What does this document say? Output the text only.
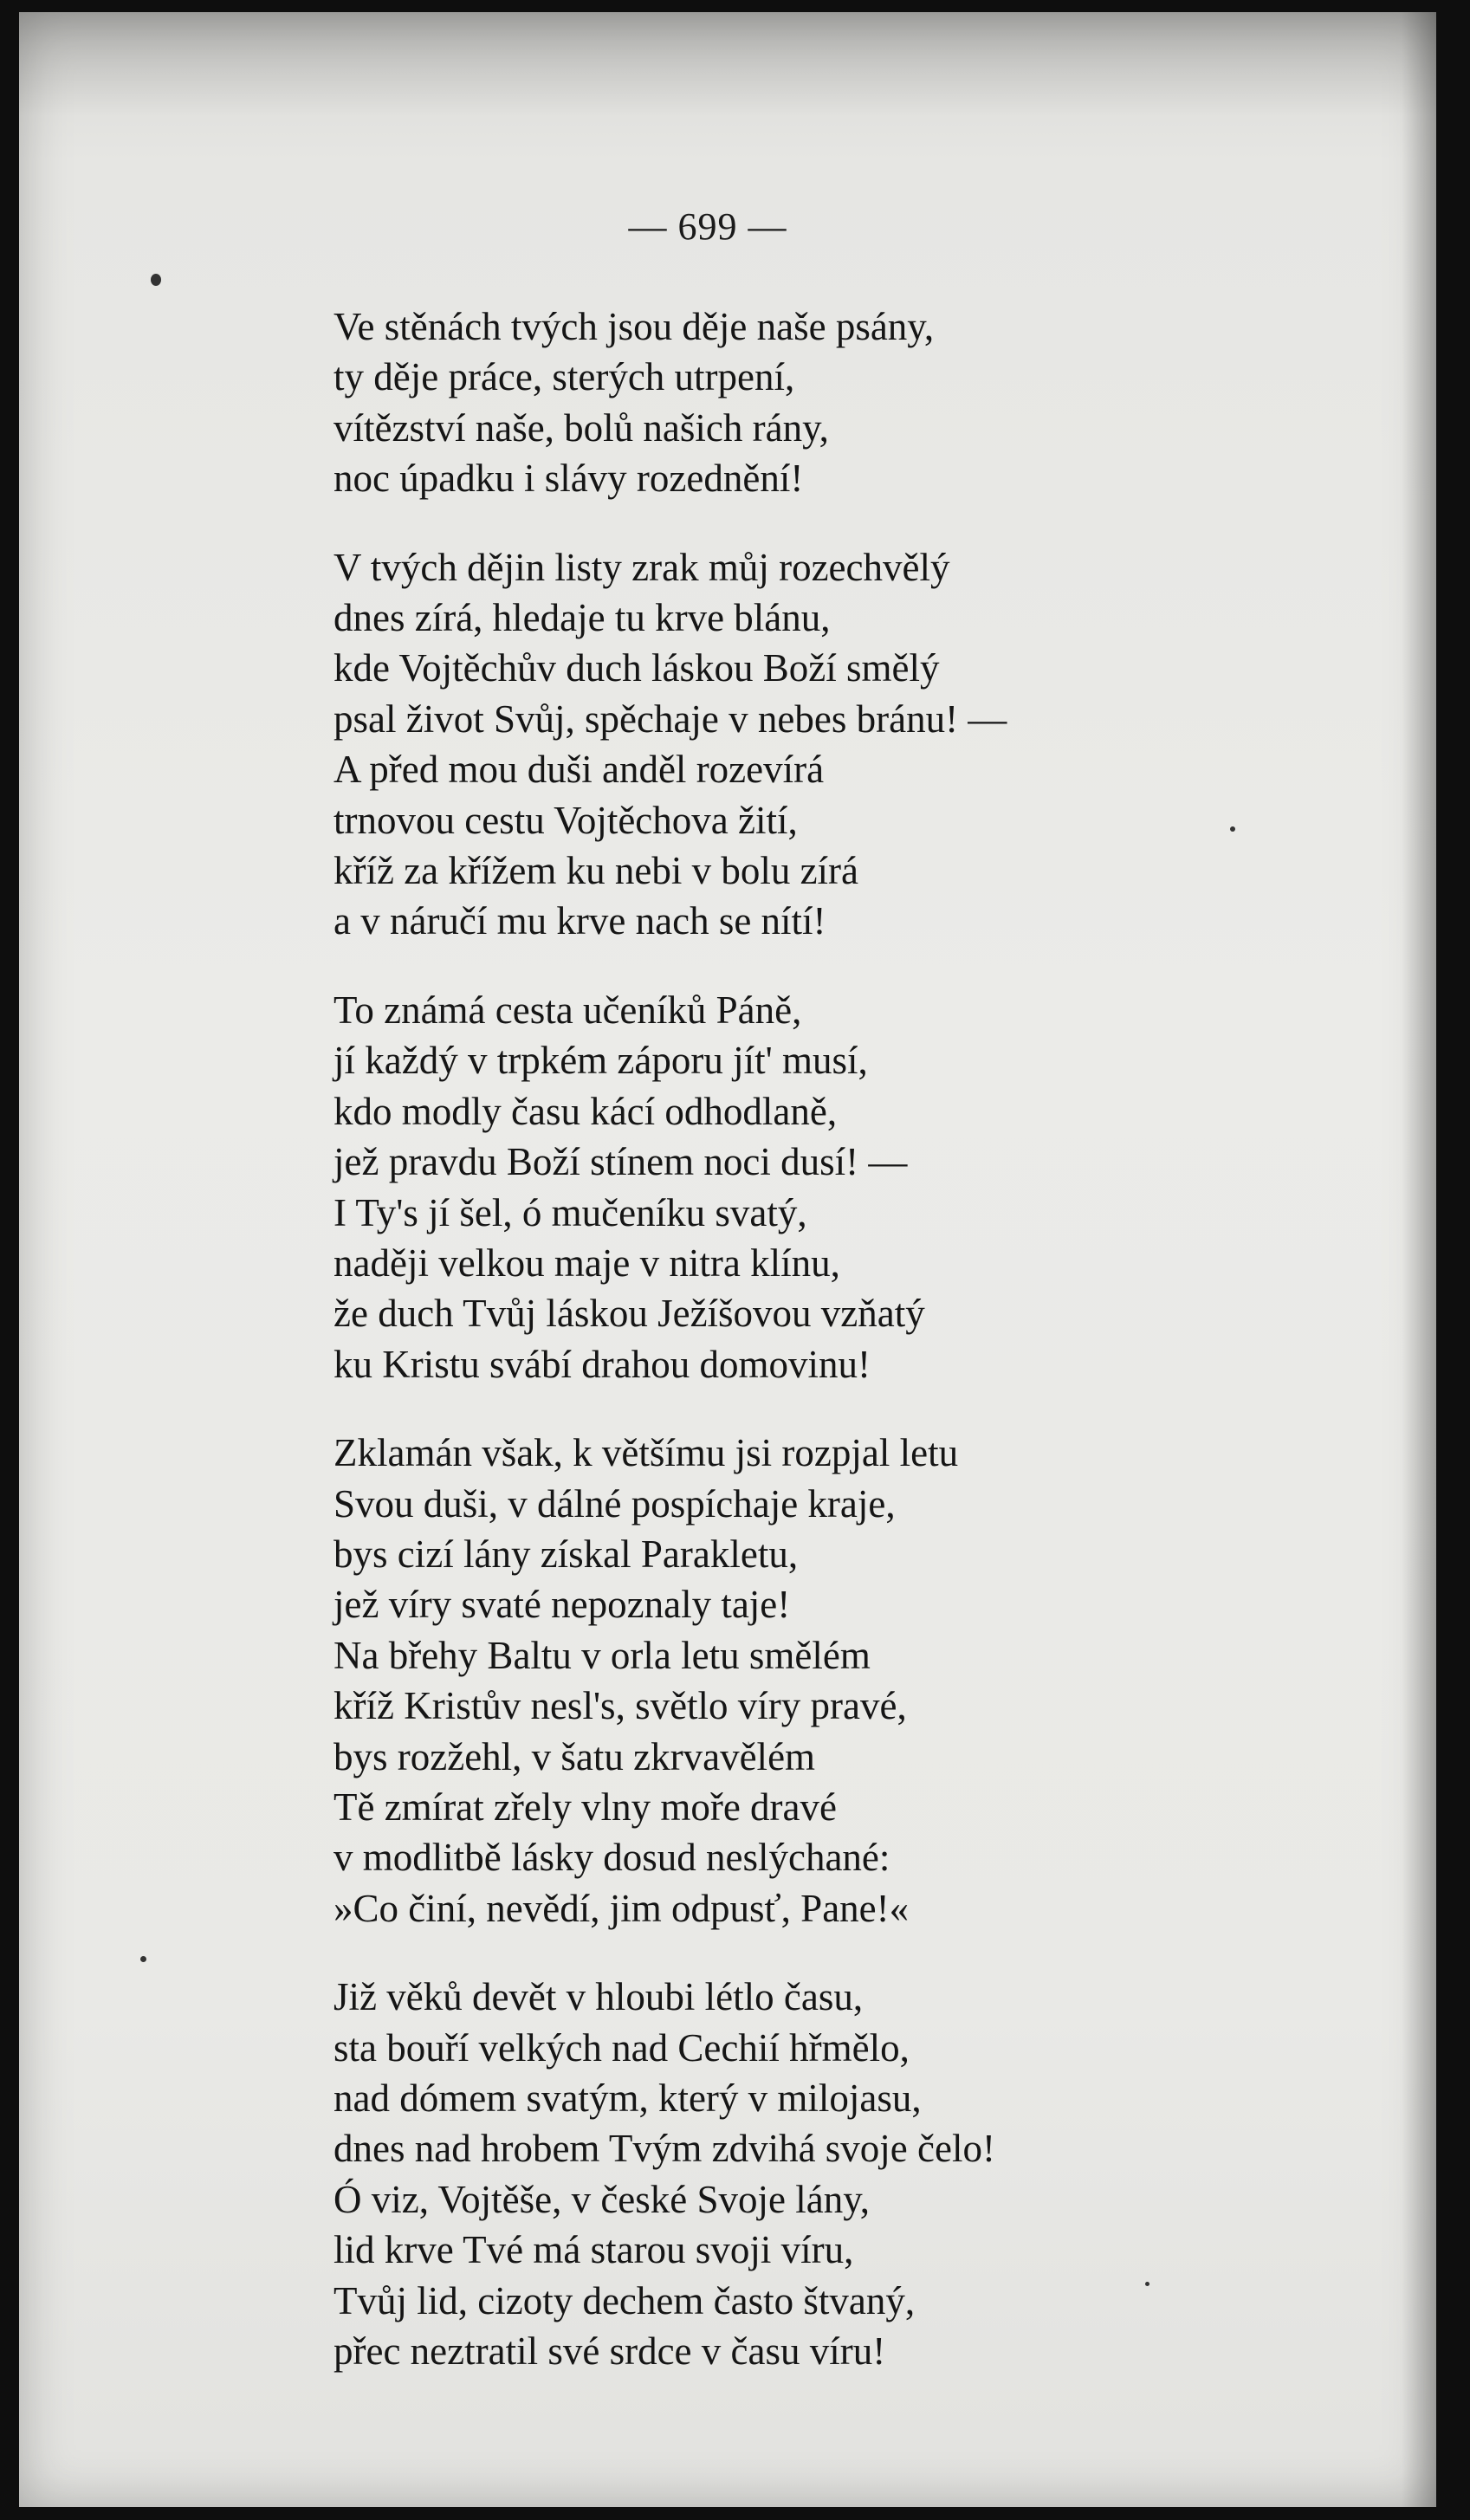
— 699 —
Ve stěnách tvých jsou děje naše psány,
ty děje práce, sterých utrpení,
vítězství naše, bolů našich rány,
noc úpadku i slávy rozednění!
V tvých dějin listy zrak můj rozechvělý
dnes zírá, hledaje tu krve blánu,
kde Vojtěchův duch láskou Boží smělý
psal život Svůj, spěchaje v nebes bránu! —
A před mou duši anděl rozevírá
trnovou cestu Vojtěchova žití,
kříž za křížem ku nebi v bolu zírá
a v náručí mu krve nach se nítí!
To známá cesta učeníků Páně,
jí každý v trpkém záporu jít' musí,
kdo modly času kácí odhodlaně,
jež pravdu Boží stínem noci dusí! —
I Ty's jí šel, ó mučeníku svatý,
naději velkou maje v nitra klínu,
že duch Tvůj láskou Ježíšovou vzňatý
ku Kristu svábí drahou domovinu!
Zklamán však, k většímu jsi rozpjal letu
Svou duši, v dálné pospíchaje kraje,
bys cizí lány získal Parakletu,
jež víry svaté nepoznaly taje!
Na břehy Baltu v orla letu smělém
kříž Kristův nesl's, světlo víry pravé,
bys rozžehl, v šatu zkrvavělém
Tě zmírat zřely vlny moře dravé
v modlitbě lásky dosud neslýchané:
»Co činí, nevědí, jim odpusť, Pane!«
Již věků devět v hloubi létlo času,
sta bouří velkých nad Cechií hřmělo,
nad dómem svatým, který v milojasu,
dnes nad hrobem Tvým zdvihá svoje čelo!
Ó viz, Vojtěše, v české Svoje lány,
lid krve Tvé má starou svoji víru,
Tvůj lid, cizoty dechem často štvaný,
přec neztratil své srdce v času víru!
